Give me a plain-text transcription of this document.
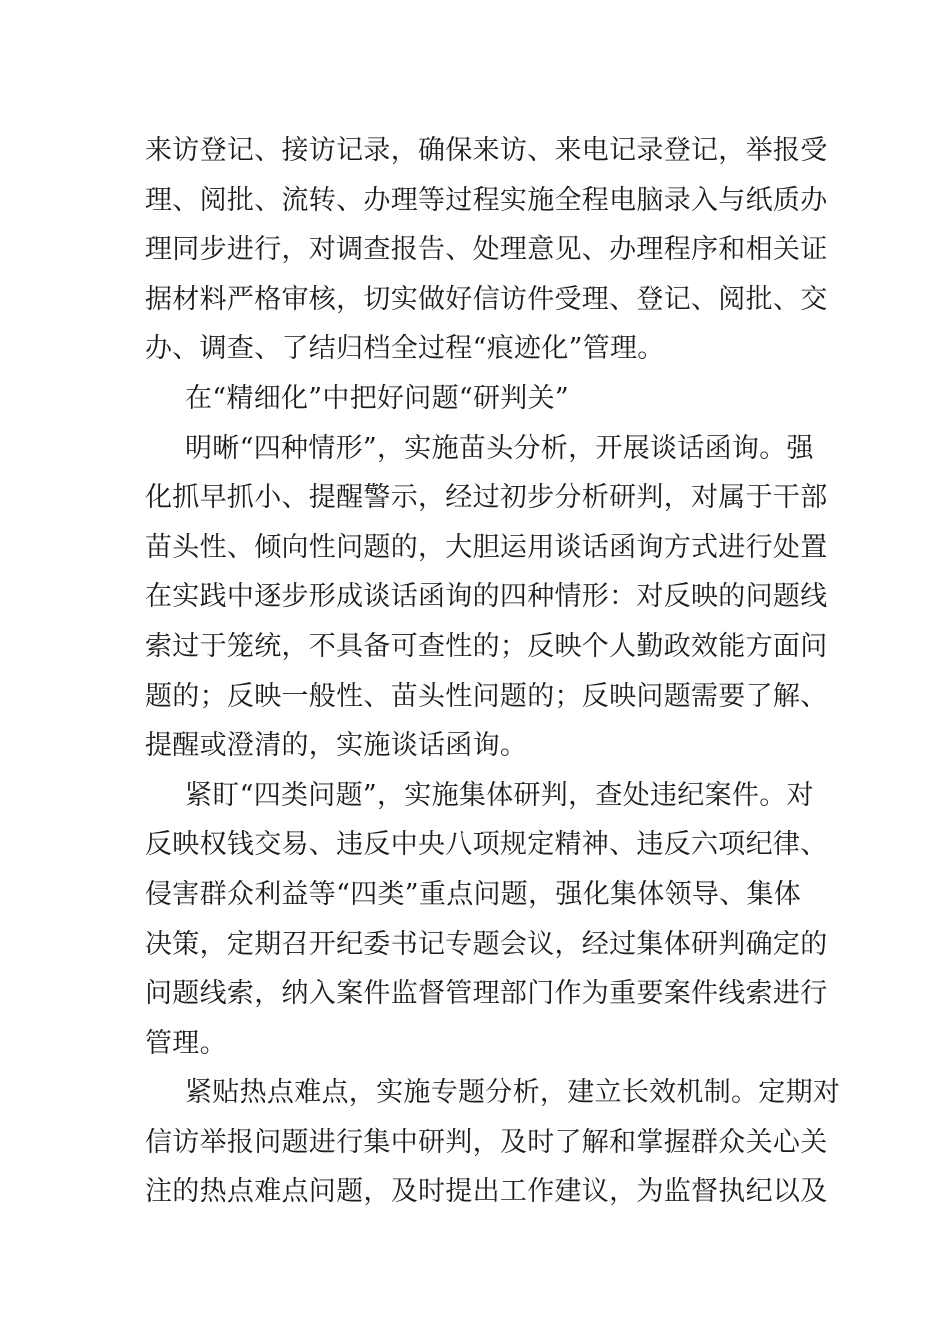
来访登记、接访记录，确保来访、来电记录登记，举报受
理、阅批、流转、办理等过程实施全程电脑录入与纸质办
理同步进行，对调查报告、处理意见、办理程序和相关证
据材料严格审核，切实做好信访件受理、登记、阅批、交
办、调查、了结归档全过程“痕迹化”管理。
在“精细化”中把好问题“研判关”
明晰“四种情形”，实施苗头分析，开展谈话函询。强
化抓早抓小、提醒警示，经过初步分析研判，对属于干部
苗头性、倾向性问题的，大胆运用谈话函询方式进行处置
在实践中逐步形成谈话函询的四种情形：对反映的问题线
索过于笼统，不具备可查性的；反映个人勤政效能方面问
题的；反映一般性、苗头性问题的；反映问题需要了解、
提醒或澄清的，实施谈话函询。
紧盯“四类问题”，实施集体研判，查处违纪案件。对
反映权钱交易、违反中央八项规定精神、违反六项纪律、
侵害群众利益等“四类”重点问题，强化集体领导、集体
决策，定期召开纪委书记专题会议，经过集体研判确定的
问题线索，纳入案件监督管理部门作为重要案件线索进行
管理。
紧贴热点难点，实施专题分析，建立长效机制。定期对
信访举报问题进行集中研判，及时了解和掌握群众关心关
注的热点难点问题，及时提出工作建议，为监督执纪以及
